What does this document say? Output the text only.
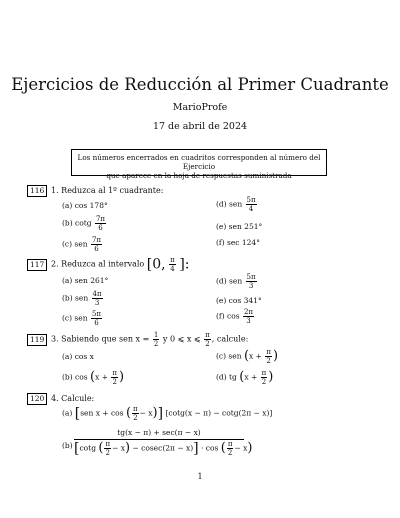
Ejercicios de Reducción al Primer Cuadrante
MarioProfe
17 de abril de 2024
Los números encerrados en cuadritos corresponden al número del Ejercicio
que aparece en la hoja de respuestas suministrada
116 1. Reduzca al 1º cuadrante:
(a) cos 178°
(b) cotg $\frac{7\pi}{6}$
(c) sen $\frac{7\pi}{6}$
(d) sen $\frac{5\pi}{4}$
(e) sen 251°
(f) sec 124°
117 2. Reduzca al intervalo [0, $\frac{\pi}{4}$ ]:
(a) sen 261°
(b) sen $\frac{4\pi}{3}$
(c) sen $\frac{5\pi}{6}$
(d) sen $\frac{5\pi}{3}$
(e) cos 341°
(f) $\cos \frac{2\pi}{3}$
119 3. Sabiendo que sen $x = \frac{1}{2}$ y 0 ⩽ x ⩽ $\frac{\pi}{2}$ , calcule:
(a) cos x
(b) $\cos (x + \frac{\pi}{2}$ )
(c) sen ($x + \frac{\pi}{2}$ )
(d) tg ($x + \frac{\pi}{2}$ )
120 4. Calcule:
(a) [sen x + cos ( $\frac{\pi}{2} - x$)] [cotg(x − π) − cotg(2π − x)]
(b)
tg(x − π) + sec(π − x)
[cotg ( $\frac{\pi}{2} - x) - cosec(2\pi - x)] \cdot \cos$ ( $\frac{\pi}{2} - x$)
1
